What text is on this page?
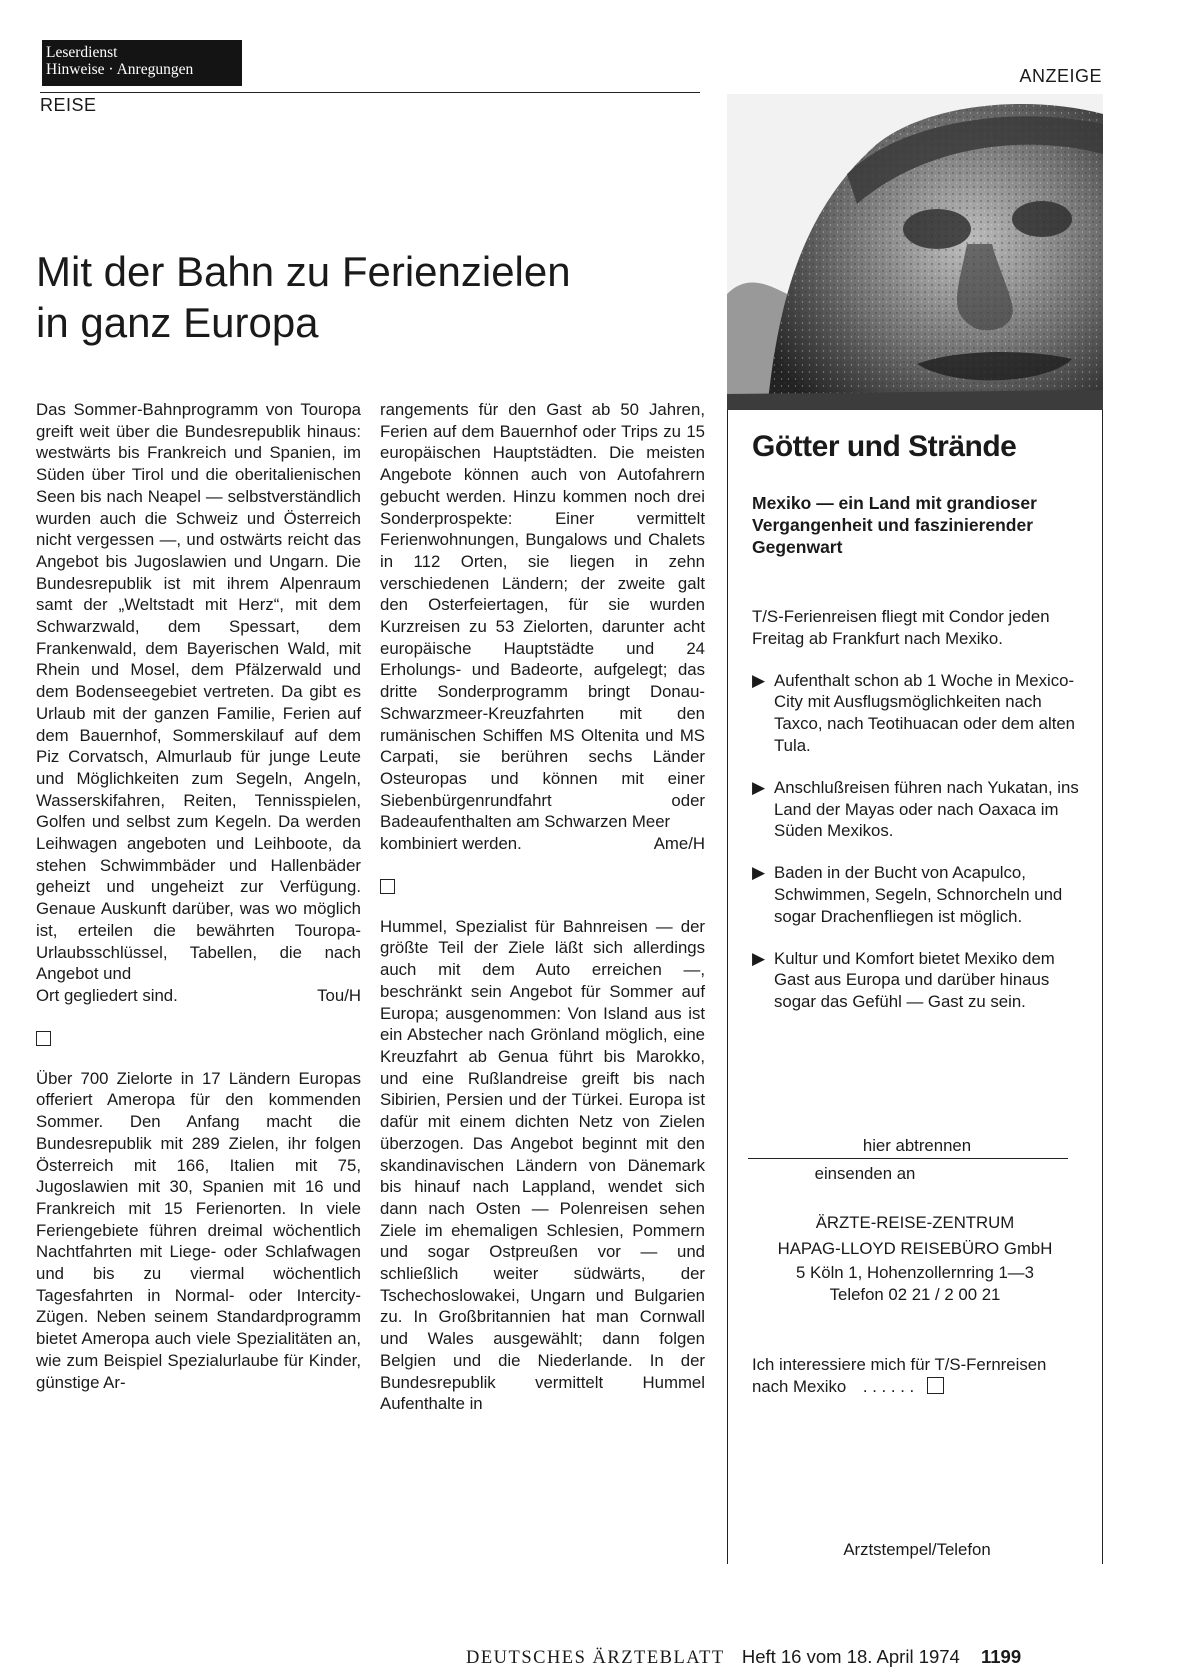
Leserdienst
Hinweise · Anregungen
REISE
Mit der Bahn zu Ferienzielen
in ganz Europa

Das Sommer-Bahnprogramm von Touropa greift weit über die Bundesrepublik hinaus: westwärts bis Frankreich und Spanien, im Süden über Tirol und die oberitalienischen Seen bis nach Neapel — selbstverständlich wurden auch die Schweiz und Österreich nicht vergessen —, und ostwärts reicht das Angebot bis Jugoslawien und Ungarn. Die Bundesrepublik ist mit ihrem Alpenraum samt der „Weltstadt mit Herz“, mit dem Schwarzwald, dem Spessart, dem Frankenwald, dem Bayerischen Wald, mit Rhein und Mosel, dem Pfälzerwald und dem Bodenseegebiet vertreten. Da gibt es Urlaub mit der ganzen Familie, Ferien auf dem Bauernhof, Sommerskilauf auf dem Piz Corvatsch, Almurlaub für junge Leute und Möglichkeiten zum Segeln, Angeln, Wasserskifahren, Reiten, Tennisspielen, Golfen und selbst zum Kegeln. Da werden Leihwagen angeboten und Leihboote, da stehen Schwimmbäder und Hallenbäder geheizt und ungeheizt zur Verfügung. Genaue Auskunft darüber, was wo möglich ist, erteilen die bewährten Touropa-Urlaubsschlüssel, Tabellen, die nach Angebot und

Ort gegliedert sind.	Tou/H

Über 700 Zielorte in 17 Ländern Europas offeriert Ameropa für den kommenden Sommer. Den Anfang macht die Bundesrepublik mit 289 Zielen, ihr folgen Österreich mit 166, Italien mit 75, Jugoslawien mit 30, Spanien mit 16 und Frankreich mit 15 Ferienorten. In viele Feriengebiete führen dreimal wöchentlich Nachtfahrten mit Liege- oder Schlafwagen und bis zu viermal wöchentlich Tagesfahrten in Normal- oder Intercity-Zügen. Neben seinem Standardprogramm bietet Ameropa auch viele Spezialitäten an, wie zum Beispiel Spezialurlaube für Kinder, günstige Ar-

rangements für den Gast ab 50 Jahren, Ferien auf dem Bauernhof oder Trips zu 15 europäischen Hauptstädten. Die meisten Angebote können auch von Autofahrern gebucht werden. Hinzu kommen noch drei Sonderprospekte: Einer vermittelt Ferienwohnungen, Bungalows und Chalets in 112 Orten, sie liegen in zehn verschiedenen Ländern; der zweite galt den Osterfeiertagen, für sie wurden Kurzreisen zu 53 Zielorten, darunter acht europäische Hauptstädte und 24 Erholungs- und Badeorte, aufgelegt; das dritte Sonderprogramm bringt Donau-Schwarzmeer-Kreuzfahrten mit den rumänischen Schiffen MS Oltenita und MS Carpati, sie berühren sechs Länder Osteuropas und können mit einer Siebenbürgenrundfahrt oder Badeaufenthalten am Schwarzen Meer

kombiniert werden.	Ame/H

Hummel, Spezialist für Bahnreisen — der größte Teil der Ziele läßt sich allerdings auch mit dem Auto erreichen —, beschränkt sein Angebot für Sommer auf Europa; ausgenommen: Von Island aus ist ein Abstecher nach Grönland möglich, eine Kreuzfahrt ab Genua führt bis Marokko, und eine Rußlandreise greift bis nach Sibirien, Persien und der Türkei. Europa ist dafür mit einem dichten Netz von Zielen überzogen. Das Angebot beginnt mit den skandinavischen Ländern von Dänemark bis hinauf nach Lappland, wendet sich dann nach Osten — Polenreisen sehen Ziele im ehemaligen Schlesien, Pommern und sogar Ostpreußen vor — und schließlich weiter südwärts, der Tschechoslowakei, Ungarn und Bulgarien zu. In Großbritannien hat man Cornwall und Wales ausgewählt; dann folgen Belgien und die Niederlande. In der Bundesrepublik vermittelt Hummel Aufenthalte in

ANZEIGE
Götter und Strände
Mexiko — ein Land mit grandioser Vergangenheit und faszinierender Gegenwart

T/S-Ferienreisen fliegt mit Condor jeden Freitag ab Frankfurt nach Mexiko.

▶ Aufenthalt schon ab 1 Woche in Mexico-City mit Ausflugsmöglichkeiten nach Taxco, nach Teotihuacan oder dem alten Tula.
▶ Anschlußreisen führen nach Yukatan, ins Land der Mayas oder nach Oaxaca im Süden Mexikos.
▶ Baden in der Bucht von Acapulco, Schwimmen, Segeln, Schnorcheln und sogar Drachenfliegen ist möglich.
▶ Kultur und Komfort bietet Mexiko dem Gast aus Europa und darüber hinaus sogar das Gefühl — Gast zu sein.
hier abtrennen
einsenden an
ÄRZTE-REISE-ZENTRUM
HAPAG-LLOYD REISEBÜRO GmbH
5 Köln 1, Hohenzollernring 1—3
Telefon 02 21 / 2 00 21
Ich interessiere mich für T/S-Fernreisen nach Mexiko . . . . . .
Arztstempel/Telefon
DEUTSCHES ÄRZTEBLATT Heft 16 vom 18. April 1974 1199
